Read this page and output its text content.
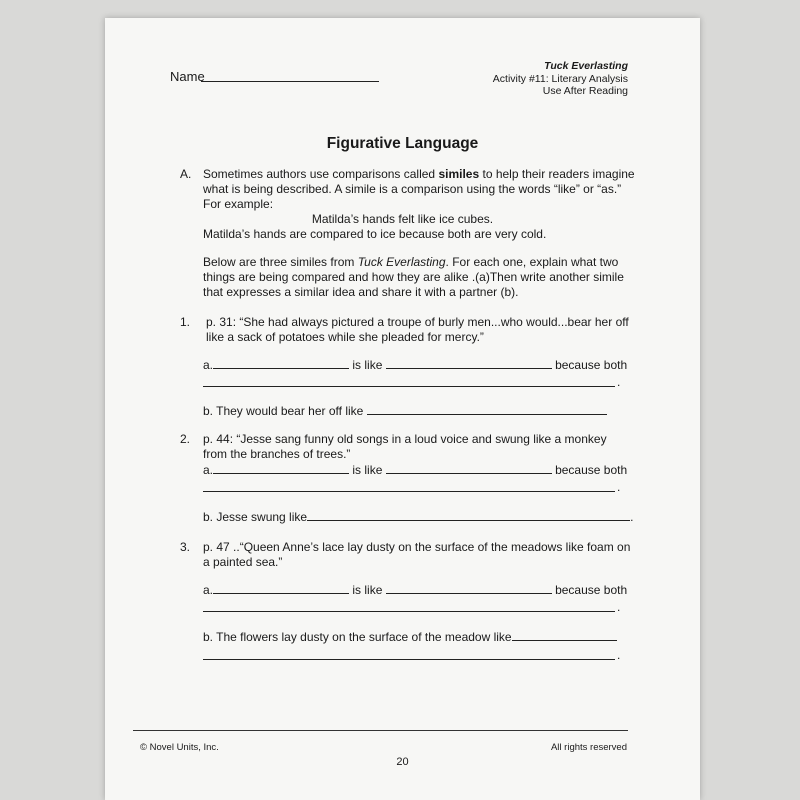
Name
Tuck Everlasting
Activity #11: Literary Analysis
Use After Reading
Figurative Language
A. Sometimes authors use comparisons called similes to help their readers imagine what is being described. A simile is a comparison using the words “like” or “as.” For example:
Matilda’s hands felt like ice cubes.
Matilda’s hands are compared to ice because both are very cold.
Below are three similes from Tuck Everlasting. For each one, explain what two things are being compared and how they are alike .(a)Then write another simile that expresses a similar idea and share it with a partner (b).
1. p. 31: “She had always pictured a troupe of burly men...who would...bear her off like a sack of potatoes while she pleaded for mercy.”
a.	is like	because both
.
b. They would bear her off like
2. p. 44: “Jesse sang funny old songs in a loud voice and swung like a monkey from the branches of trees.”
a.	is like	because both
.
b. Jesse swung like	.
3. p. 47 ..“Queen Anne’s lace lay dusty on the surface of the meadows like foam on a painted sea.”
a.	is like	because both
.
b. The flowers lay dusty on the surface of the meadow like
.
© Novel Units, Inc.	All rights reserved
20
